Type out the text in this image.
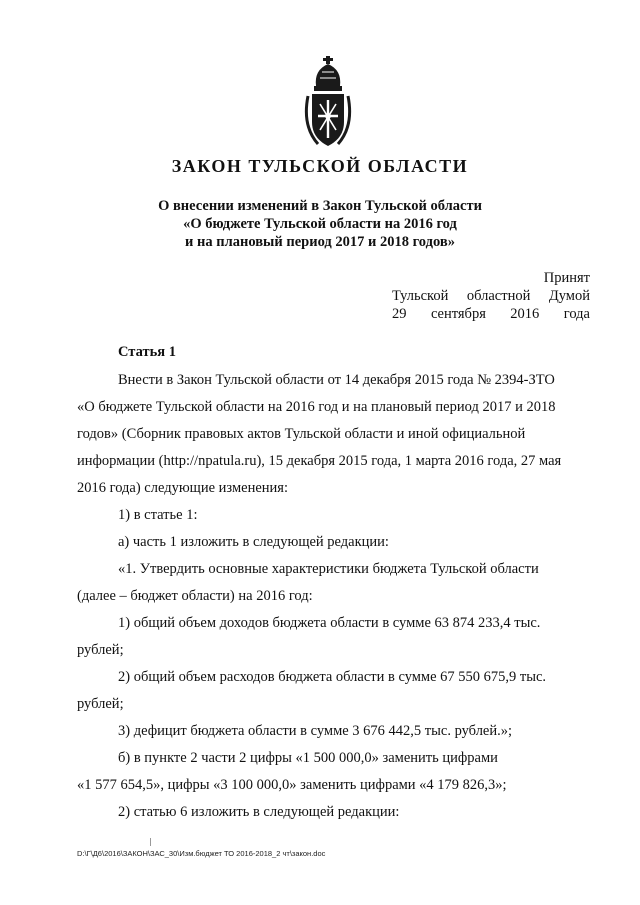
ЗАКОН ТУЛЬСКОЙ ОБЛАСТИ
О внесении изменений в Закон Тульской области
«О бюджете Тульской области на 2016 год
и на плановый период 2017 и 2018 годов»
Принят
Тульской областной Думой
29 сентября 2016 года
Статья 1
Внести в Закон Тульской области от 14 декабря 2015 года № 2394-ЗТО
«О бюджете Тульской области на 2016 год и на плановый период 2017 и 2018
годов» (Сборник правовых актов Тульской области и иной официальной
информации (http://npatula.ru), 15 декабря 2015 года, 1 марта 2016 года, 27 мая
2016 года) следующие изменения:
1) в статье 1:
а) часть 1 изложить в следующей редакции:
«1. Утвердить основные характеристики бюджета Тульской области
(далее – бюджет области) на 2016 год:
1) общий объем доходов бюджета области в сумме 63 874 233,4 тыс.
рублей;
2) общий объем расходов бюджета области в сумме 67 550 675,9 тыс.
рублей;
3) дефицит бюджета области в сумме 3 676 442,5 тыс. рублей.»;
б) в пункте 2 части 2 цифры «1 500 000,0» заменить цифрами
«1 577 654,5», цифры «3 100 000,0» заменить цифрами «4 179 826,3»;
2) статью 6 изложить в следующей редакции:
D:\Г\Д6\2016\ЗАКОН\ЗАС_30\Изм.бюджет ТО 2016-2018_2 чт\закон.doc
